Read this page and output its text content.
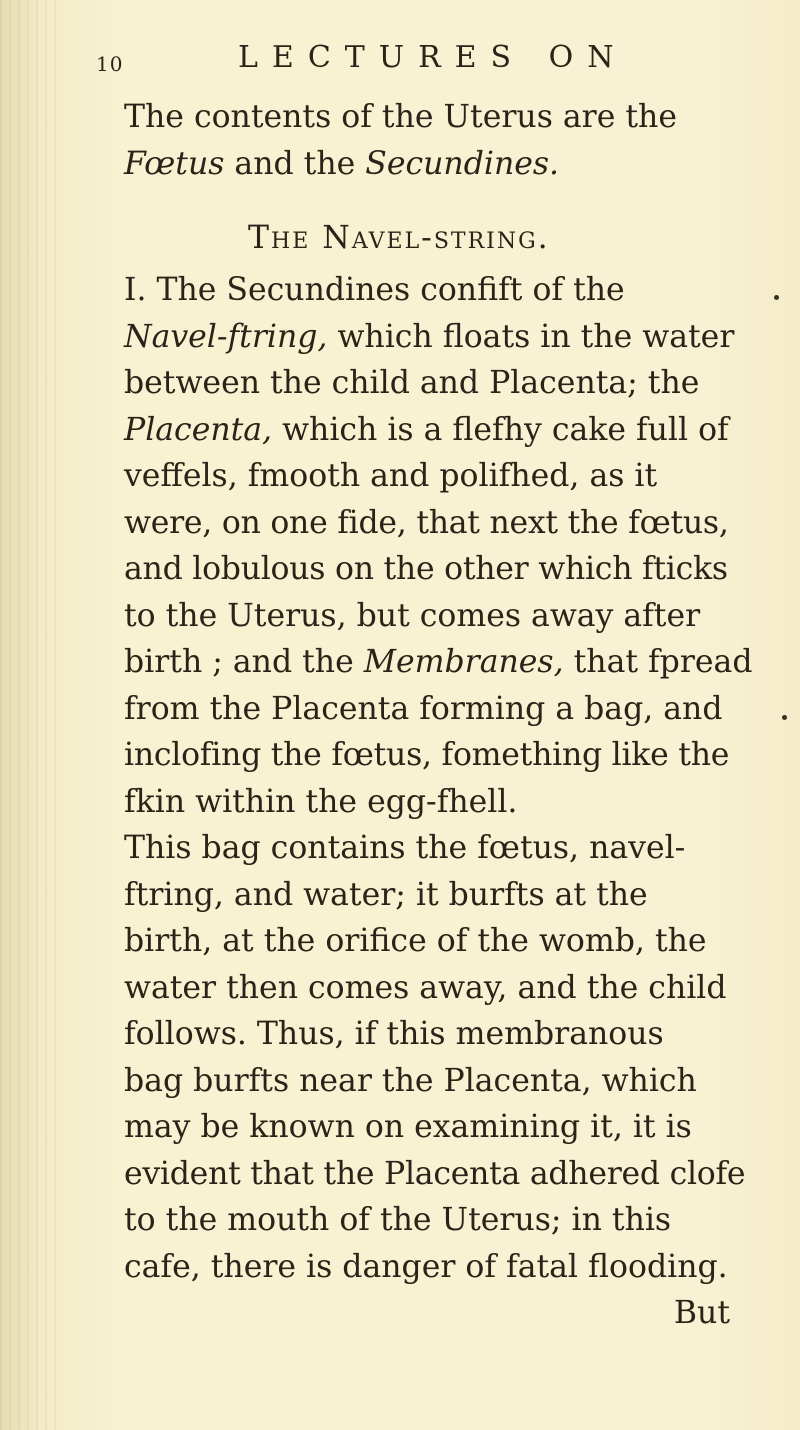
10	LECTURES ON
The contents of the Uterus are the
Fœtus and the Secundines.
The Navel-string.
I. The Secundines confift of the
Navel-ftring, which floats in the water
between the child and Placenta; the
Placenta, which is a flefhy cake full of
veffels, fmooth and polifhed, as it
were, on one fide, that next the fœtus,
and lobulous on the other which fticks
to the Uterus, but comes away after
birth ; and the Membranes, that fpread
from the Placenta forming a bag, and
inclofing the fœtus, fomething like the
fkin within the egg-fhell.
This bag contains the fœtus, navel-
ftring, and water; it burfts at the
birth, at the orifice of the womb, the
water then comes away, and the child
follows. Thus, if this membranous
bag burfts near the Placenta, which
may be known on examining it, it is
evident that the Placenta adhered clofe
to the mouth of the Uterus; in this
cafe, there is danger of fatal flooding.
But
